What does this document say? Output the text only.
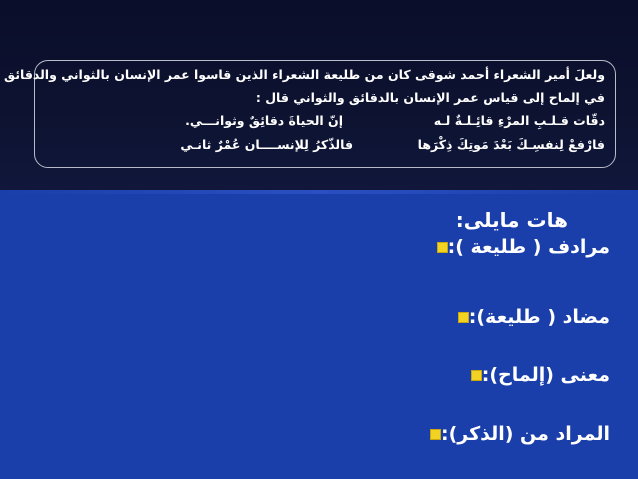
ولعلَ أمير الشعراء أحمد شوقى كان من طليعة الشعراء الذين قاسوا عمر الإنسان بالثواني والدقائق
في إلماح إلى قياس عمر الإنسان بالدقائق والثواني قال :
دقّات قـلـبِ المرْءِ قائِـلـةٌ لـه
إنّ الحياةَ دقائِقٌ وثوانـــي.
فارْفعْ لِنفسِـكَ بَعْدَ مَوتِكَ ذِكْرَها
فالذّكرُ لِلإنســــان عُمْرٌ ثانـي
هات مايلى:
مرادف ( طليعة ):
مضاد ( طليعة):
معنى (إلماح):
المراد من (الذكر):
